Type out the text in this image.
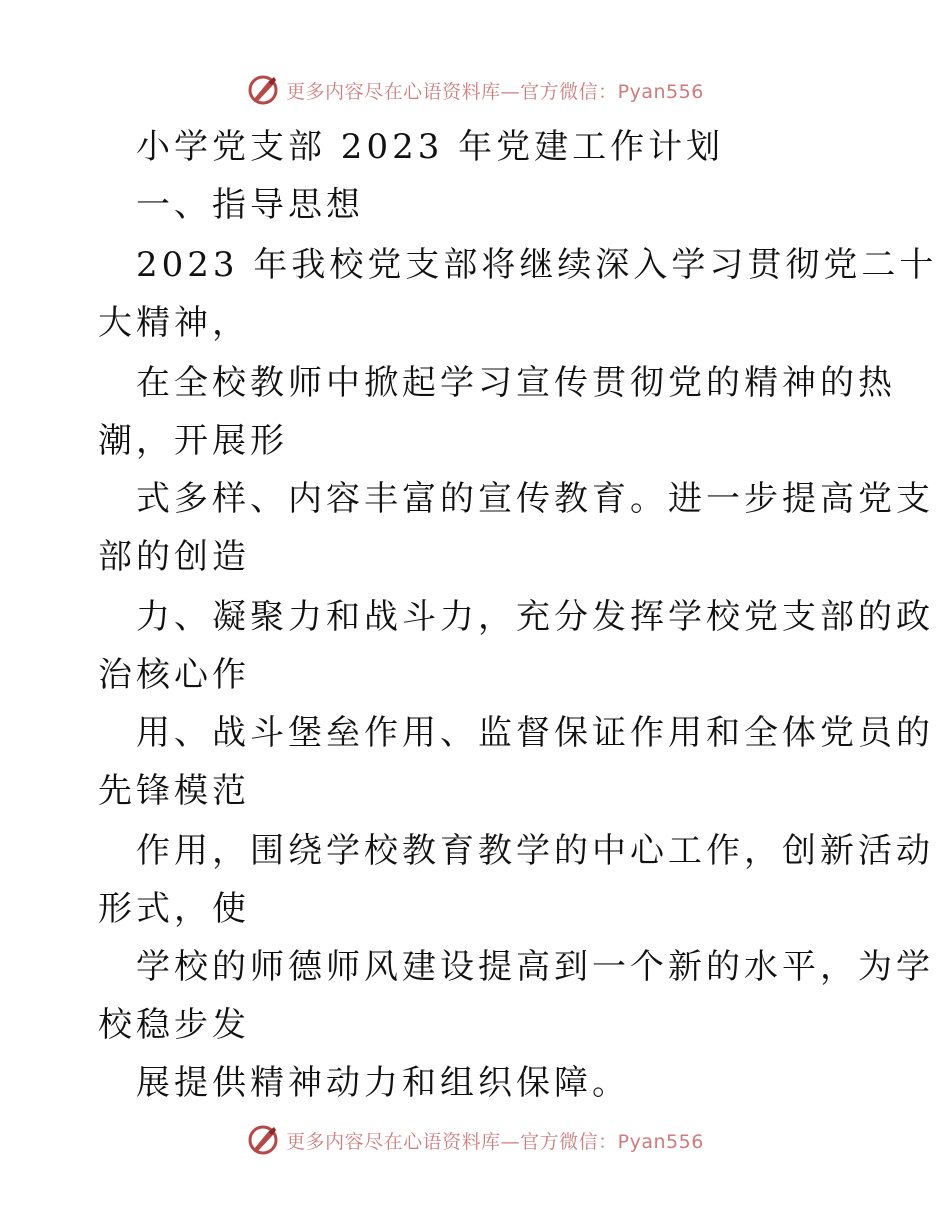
更多内容尽在心语资料库—官方微信：Pyan556
小学党支部 2023 年党建工作计划
一、指导思想
2023 年我校党支部将继续深入学习贯彻党二十
大精神，
在全校教师中掀起学习宣传贯彻党的精神的热
潮，开展形
式多样、内容丰富的宣传教育。进一步提高党支
部的创造
力、凝聚力和战斗力，充分发挥学校党支部的政
治核心作
用、战斗堡垒作用、监督保证作用和全体党员的
先锋模范
作用，围绕学校教育教学的中心工作，创新活动
形式，使
学校的师德师风建设提高到一个新的水平，为学
校稳步发
展提供精神动力和组织保障。
更多内容尽在心语资料库—官方微信：Pyan556
